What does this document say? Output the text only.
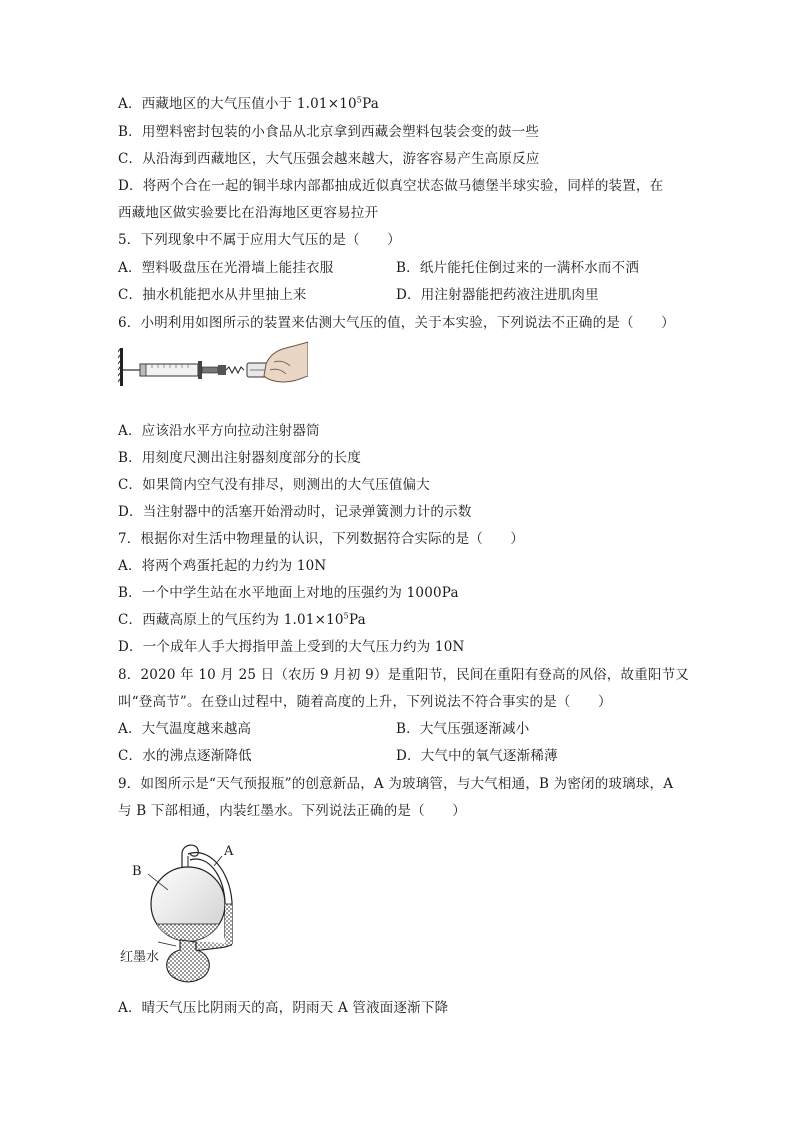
A．西藏地区的大气压值小于 $1.01\times 10^5Pa$
B．用塑料密封包装的小食品从北京拿到西藏会塑料包装会变的鼓一些
C．从沿海到西藏地区，大气压强会越来越大，游客容易产生高原反应
D．将两个合在一起的铜半球内部都抽成近似真空状态做马德堡半球实验，同样的装置，在
西藏地区做实验要比在沿海地区更容易拉开
5．下列现象中不属于应用大气压的是（　　）
A．塑料吸盘压在光滑墙上能挂衣服	B．纸片能托住倒过来的一满杯水而不洒
C．抽水机能把水从井里抽上来	D．用注射器能把药液注进肌肉里
6．小明利用如图所示的装置来估测大气压的值，关于本实验，下列说法不正确的是（　　）
A．应该沿水平方向拉动注射器筒
B．用刻度尺测出注射器刻度部分的长度
C．如果筒内空气没有排尽，则测出的大气压值偏大
D．当注射器中的活塞开始滑动时，记录弹簧测力计的示数
7．根据你对生活中物理量的认识，下列数据符合实际的是（　　）
A．将两个鸡蛋托起的力约为 10N
B．一个中学生站在水平地面上对地的压强约为 1000Pa
C．西藏高原上的气压约为 $1.01\times 10^5Pa$
D．一个成年人手大拇指甲盖上受到的大气压力约为 10N
8．2020 年 10 月 25 日（农历 9 月初 9）是重阳节，民间在重阳有登高的风俗，故重阳节又
叫“登高节”。在登山过程中，随着高度的上升，下列说法不符合事实的是（　　）
A．大气温度越来越高	B．大气压强逐渐减小
C．水的沸点逐渐降低	D．大气中的氧气逐渐稀薄
9．如图所示是“天气预报瓶”的创意新品，A 为玻璃管，与大气相通，B 为密闭的玻璃球，A
与 B 下部相通，内装红墨水。下列说法正确的是（　　）
A
B
红墨水
A．晴天气压比阴雨天的高，阴雨天 A 管液面逐渐下降
